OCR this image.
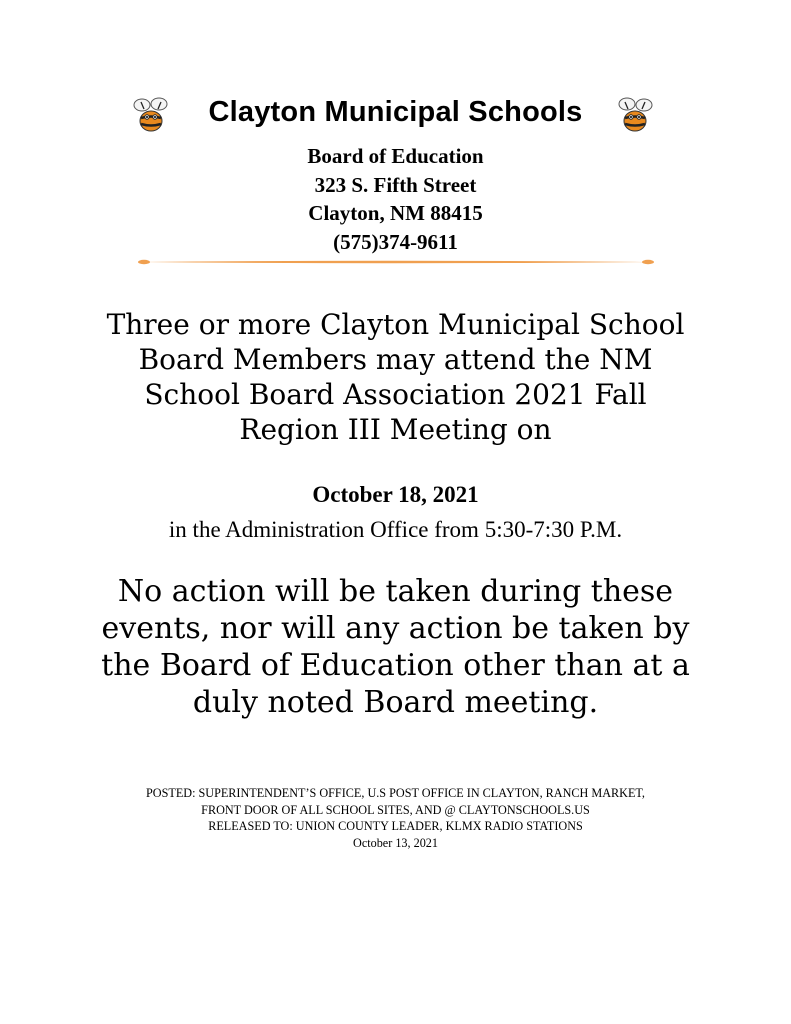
Clayton Municipal Schools
Board of Education
323 S. Fifth Street
Clayton, NM 88415
(575)374-9611
Three or more Clayton Municipal School
Board Members may attend the NM
School Board Association 2021 Fall
Region III Meeting on
October 18, 2021
in the Administration Office from 5:30-7:30 P.M.
No action will be taken during these
events, nor will any action be taken by
the Board of Education other than at a
duly noted Board meeting.
POSTED: SUPERINTENDENT’S OFFICE, U.S POST OFFICE IN CLAYTON, RANCH MARKET,
FRONT DOOR OF ALL SCHOOL SITES, AND @ CLAYTONSCHOOLS.US
RELEASED TO: UNION COUNTY LEADER, KLMX RADIO STATIONS
October 13, 2021
